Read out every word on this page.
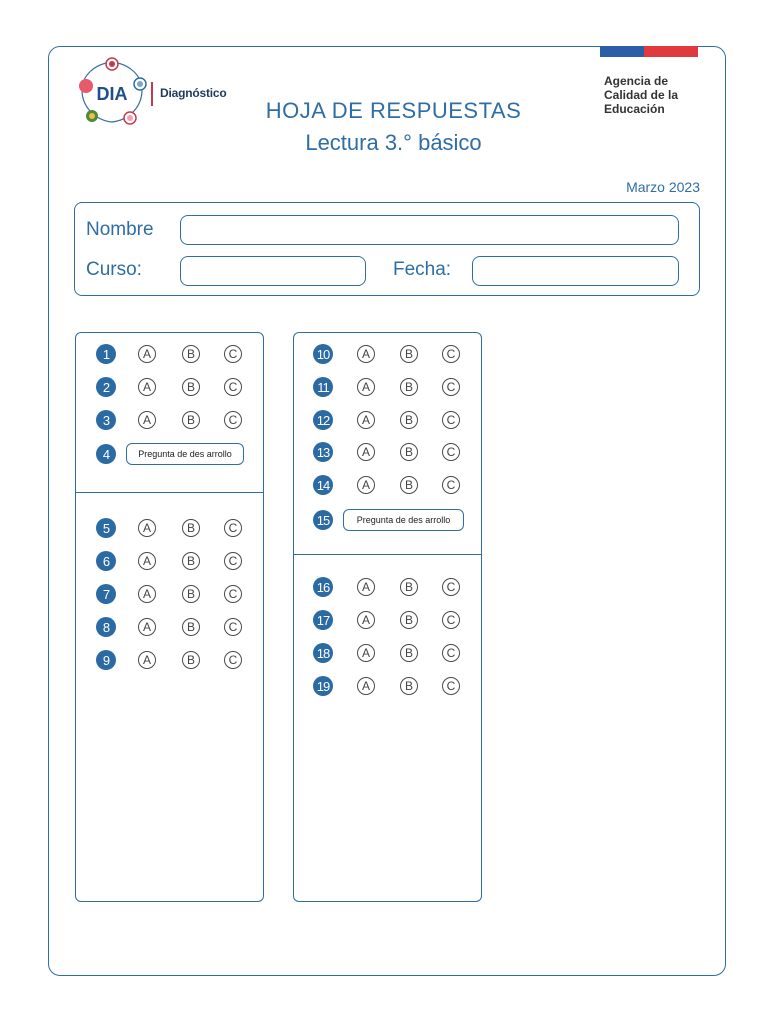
DIA	Diagnóstico
Agencia de
Calidad de la
Educación
HOJA DE RESPUESTAS
Lectura 3.° básico
Marzo 2023
Nombre
Curso:	Fecha:
1	A	B	C
2	A	B	C
3	A	B	C
4	Pregunta de des arrollo
5	A	B	C
6	A	B	C
7	A	B	C
8	A	B	C
9	A	B	C
10	A	B	C
11	A	B	C
12	A	B	C
13	A	B	C
14	A	B	C
15	Pregunta de des arrollo
16	A	B	C
17	A	B	C
18	A	B	C
19	A	B	C
